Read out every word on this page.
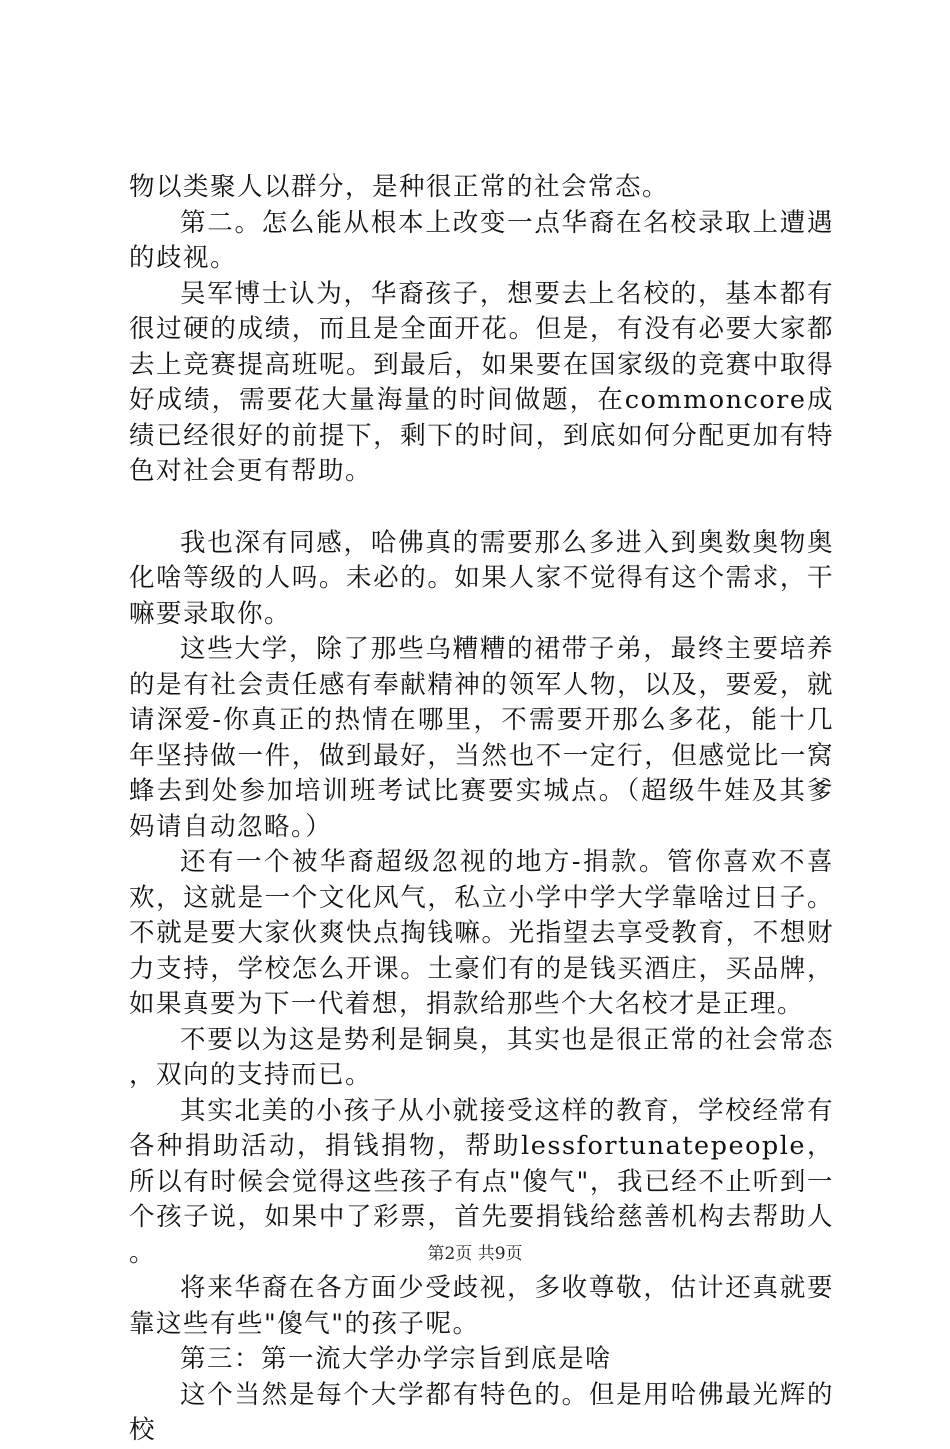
物以类聚人以群分，是种很正常的社会常态。

第二。怎么能从根本上改变一点华裔在名校录取上遭遇的歧视。

吴军博士认为，华裔孩子，想要去上名校的，基本都有很过硬的成绩，而且是全面开花。但是，有没有必要大家都去上竞赛提高班呢。到最后，如果要在国家级的竞赛中取得好成绩，需要花大量海量的时间做题，在commoncore成绩已经很好的前提下，剩下的时间，到底如何分配更加有特色对社会更有帮助。

我也深有同感，哈佛真的需要那么多进入到奥数奥物奥化啥等级的人吗。未必的。如果人家不觉得有这个需求，干嘛要录取你。

这些大学，除了那些乌糟糟的裙带子弟，最终主要培养的是有社会责任感有奉献精神的领军人物，以及，要爱，就请深爱-你真正的热情在哪里，不需要开那么多花，能十几年坚持做一件，做到最好，当然也不一定行，但感觉比一窝蜂去到处参加培训班考试比赛要实城点。（超级牛娃及其爹妈请自动忽略。）

还有一个被华裔超级忽视的地方-捐款。管你喜欢不喜欢，这就是一个文化风气，私立小学中学大学靠啥过日子。不就是要大家伙爽快点掏钱嘛。光指望去享受教育，不想财力支持，学校怎么开课。土豪们有的是钱买酒庄，买品牌，如果真要为下一代着想，捐款给那些个大名校才是正理。

不要以为这是势利是铜臭，其实也是很正常的社会常态，双向的支持而已。

其实北美的小孩子从小就接受这样的教育，学校经常有各种捐助活动，捐钱捐物，帮助lessfortunatepeople，所以有时候会觉得这些孩子有点"傻气"，我已经不止听到一个孩子说，如果中了彩票，首先要捐钱给慈善机构去帮助人。

将来华裔在各方面少受歧视，多收尊敬，估计还真就要靠这些有些"傻气"的孩子呢。

第三：第一流大学办学宗旨到底是啥

这个当然是每个大学都有特色的。但是用哈佛最光辉的校

第2页 共9页
